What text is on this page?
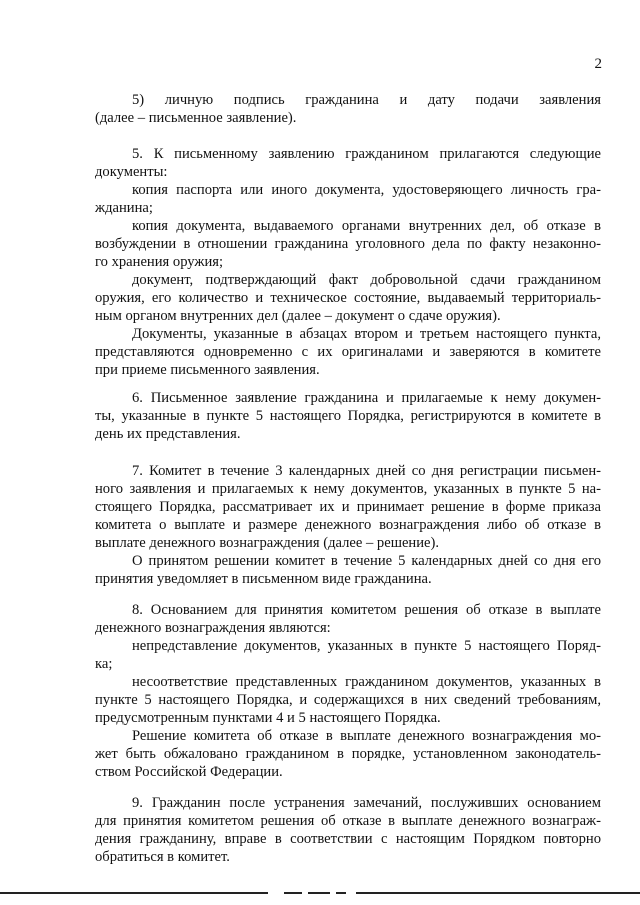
2
5) личную подпись гражданина и дату подачи заявления
(далее – письменное заявление).
5. К письменному заявлению гражданином прилагаются следующие
документы:
копия паспорта или иного документа, удостоверяющего личность гра-
жданина;
копия документа, выдаваемого органами внутренних дел, об отказе в
возбуждении в отношении гражданина уголовного дела по факту незаконно-
го хранения оружия;
документ, подтверждающий факт добровольной сдачи гражданином
оружия, его количество и техническое состояние, выдаваемый территориаль-
ным органом внутренних дел (далее – документ о сдаче оружия).
Документы, указанные в абзацах втором и третьем настоящего пункта,
представляются одновременно с их оригиналами и заверяются в комитете
при приеме письменного заявления.
6. Письменное заявление гражданина и прилагаемые к нему докумен-
ты, указанные в пункте 5 настоящего Порядка, регистрируются в комитете в
день их представления.
7. Комитет в течение 3 календарных дней со дня регистрации письмен-
ного заявления и прилагаемых к нему документов, указанных в пункте 5 на-
стоящего Порядка, рассматривает их и принимает решение в форме приказа
комитета о выплате и размере денежного вознаграждения либо об отказе в
выплате денежного вознаграждения (далее – решение).
О принятом решении комитет в течение 5 календарных дней со дня его
принятия уведомляет в письменном виде гражданина.
8. Основанием для принятия комитетом решения об отказе в выплате
денежного вознаграждения являются:
непредставление документов, указанных в пункте 5 настоящего Поряд-
ка;
несоответствие представленных гражданином документов, указанных в
пункте 5 настоящего Порядка, и содержащихся в них сведений требованиям,
предусмотренным пунктами 4 и 5 настоящего Порядка.
Решение комитета об отказе в выплате денежного вознаграждения мо-
жет быть обжаловано гражданином в порядке, установленном законодатель-
ством Российской Федерации.
9. Гражданин после устранения замечаний, послуживших основанием
для принятия комитетом решения об отказе в выплате денежного вознаграж-
дения гражданину, вправе в соответствии с настоящим Порядком повторно
обратиться в комитет.
